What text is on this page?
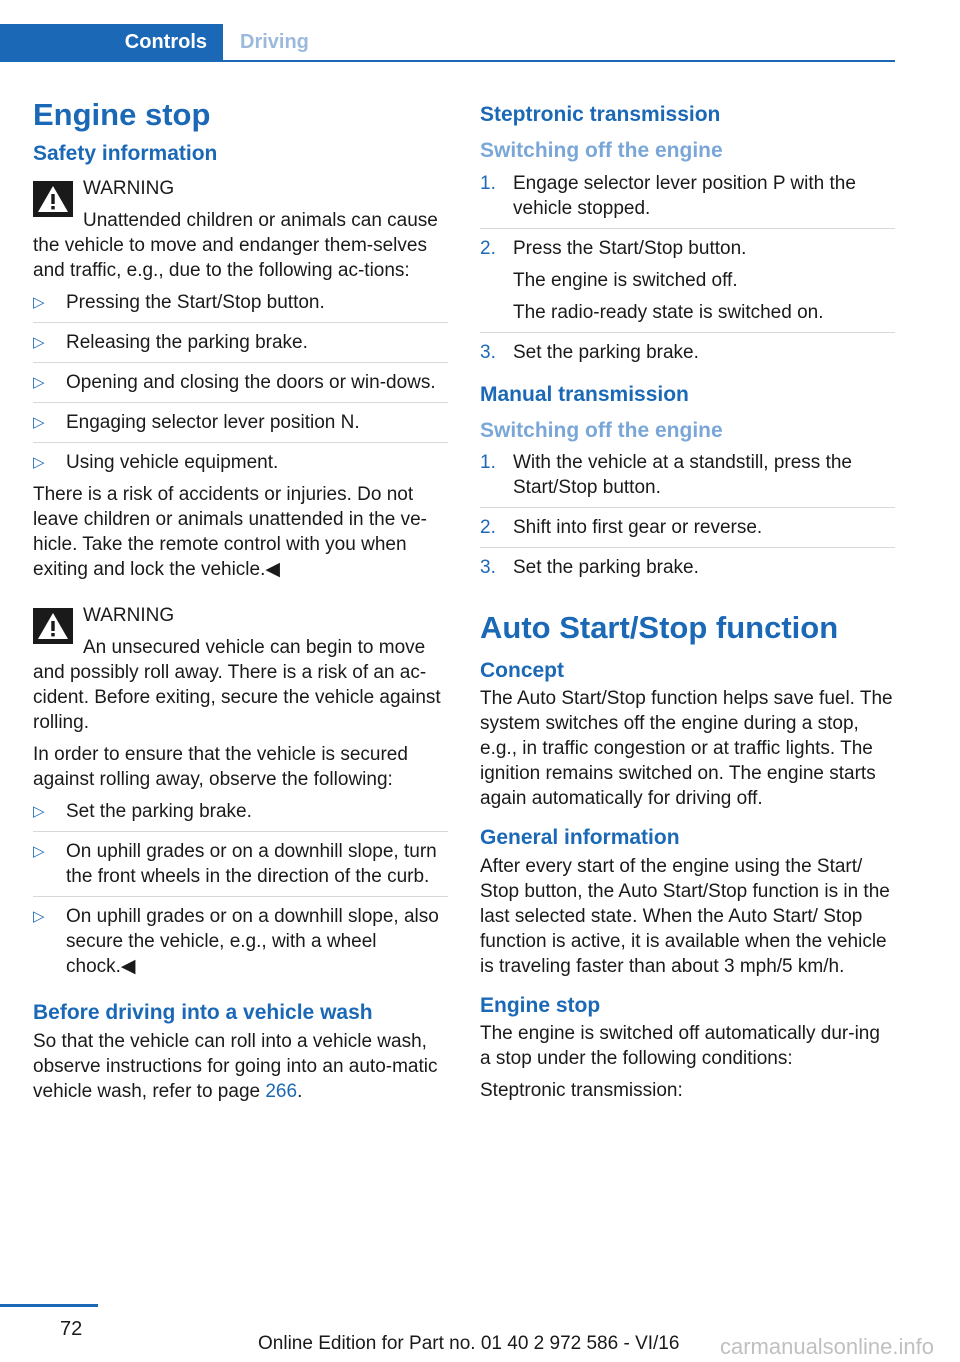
Controls	Driving
Engine stop
Safety information
WARNING
Unattended children or animals can cause the vehicle to move and endanger them-selves and traffic, e.g., due to the following ac-tions:
▷ Pressing the Start/Stop button.
▷ Releasing the parking brake.
▷ Opening and closing the doors or win-dows.
▷ Engaging selector lever position N.
▷ Using vehicle equipment.

There is a risk of accidents or injuries. Do not leave children or animals unattended in the ve-hicle. Take the remote control with you when exiting and lock the vehicle.◀

WARNING
An unsecured vehicle can begin to move and possibly roll away. There is a risk of an ac-cident. Before exiting, secure the vehicle against rolling.

In order to ensure that the vehicle is secured against rolling away, observe the following:

▷ Set the parking brake.
▷ On uphill grades or on a downhill slope, turn the front wheels in the direction of the curb.
▷ On uphill grades or on a downhill slope, also secure the vehicle, e.g., with a wheel chock.◀
Before driving into a vehicle wash

So that the vehicle can roll into a vehicle wash, observe instructions for going into an auto-matic vehicle wash, refer to page 266.

Steptronic transmission
Switching off the engine
1. Engage selector lever position P with the vehicle stopped.
2. Press the Start/Stop button.
The engine is switched off.
The radio-ready state is switched on.
3. Set the parking brake.
Manual transmission
Switching off the engine
1. With the vehicle at a standstill, press the Start/Stop button.
2. Shift into first gear or reverse.
3. Set the parking brake.
Auto Start/Stop function
Concept

The Auto Start/Stop function helps save fuel. The system switches off the engine during a stop, e.g., in traffic congestion or at traffic lights. The ignition remains switched on. The engine starts again automatically for driving off.

General information

After every start of the engine using the Start/ Stop button, the Auto Start/Stop function is in the last selected state. When the Auto Start/ Stop function is active, it is available when the vehicle is traveling faster than about 3 mph/5 km/h.

Engine stop

The engine is switched off automatically dur-ing a stop under the following conditions:

Steptronic transmission:

72
Online Edition for Part no. 01 40 2 972 586 - VI/16 carmanualsonline.info
